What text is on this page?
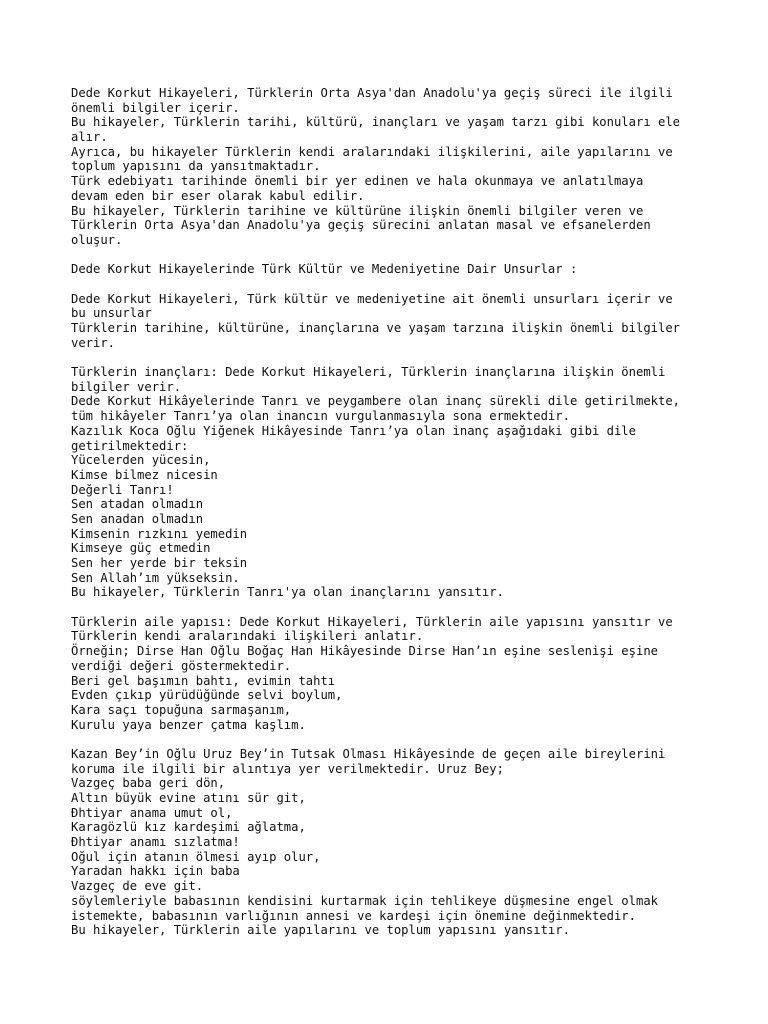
Dede Korkut Hikayeleri, Türklerin Orta Asya'dan Anadolu'ya geçiş süreci ile ilgili
önemli bilgiler içerir.
Bu hikayeler, Türklerin tarihi, kültürü, inançları ve yaşam tarzı gibi konuları ele
alır.
Ayrıca, bu hikayeler Türklerin kendi aralarındaki ilişkilerini, aile yapılarını ve
toplum yapısını da yansıtmaktadır.
Türk edebiyatı tarihinde önemli bir yer edinen ve hala okunmaya ve anlatılmaya
devam eden bir eser olarak kabul edilir.
Bu hikayeler, Türklerin tarihine ve kültürüne ilişkin önemli bilgiler veren ve
Türklerin Orta Asya'dan Anadolu'ya geçiş sürecini anlatan masal ve efsanelerden
oluşur.
Dede Korkut Hikayelerinde Türk Kültür ve Medeniyetine Dair Unsurlar :
Dede Korkut Hikayeleri, Türk kültür ve medeniyetine ait önemli unsurları içerir ve
bu unsurlar
Türklerin tarihine, kültürüne, inançlarına ve yaşam tarzına ilişkin önemli bilgiler
verir.
Türklerin inançları: Dede Korkut Hikayeleri, Türklerin inançlarına ilişkin önemli
bilgiler verir.
Dede Korkut Hikâyelerinde Tanrı ve peygambere olan inanç sürekli dile getirilmekte,
tüm hikâyeler Tanrı’ya olan inancın vurgulanmasıyla sona ermektedir.
Kazılık Koca Oğlu Yiğenek Hikâyesinde Tanrı’ya olan inanç aşağıdaki gibi dile
getirilmektedir:
Yücelerden yücesin,
Kimse bilmez nicesin
Değerli Tanrı!
Sen atadan olmadın
Sen anadan olmadın
Kimsenin rızkını yemedin
Kimseye güç etmedin
Sen her yerde bir teksin
Sen Allah’ım yükseksin.
Bu hikayeler, Türklerin Tanrı'ya olan inançlarını yansıtır.
Türklerin aile yapısı: Dede Korkut Hikayeleri, Türklerin aile yapısını yansıtır ve
Türklerin kendi aralarındaki ilişkileri anlatır.
Örneğin; Dirse Han Oğlu Boğaç Han Hikâyesinde Dirse Han’ın eşine seslenişi eşine
verdiği değeri göstermektedir.
Beri gel başımın bahtı, evimin tahtı
Evden çıkıp yürüdüğünde selvi boylum,
Kara saçı topuğuna sarmaşanım,
Kurulu yaya benzer çatma kaşlım.
Kazan Bey’in Oğlu Uruz Bey’in Tutsak Olması Hikâyesinde de geçen aile bireylerini
koruma ile ilgili bir alıntıya yer verilmektedir. Uruz Bey;
Vazgeç baba geri dön,
Altın büyük evine atını sür git,
Đhtiyar anama umut ol,
Karagözlü kız kardeşimi ağlatma,
Đhtiyar anamı sızlatma!
Oğul için atanın ölmesi ayıp olur,
Yaradan hakkı için baba
Vazgeç de eve git.
söylemleriyle babasının kendisini kurtarmak için tehlikeye düşmesine engel olmak
istemekte, babasının varlığının annesi ve kardeşi için önemine değinmektedir.
Bu hikayeler, Türklerin aile yapılarını ve toplum yapısını yansıtır.
